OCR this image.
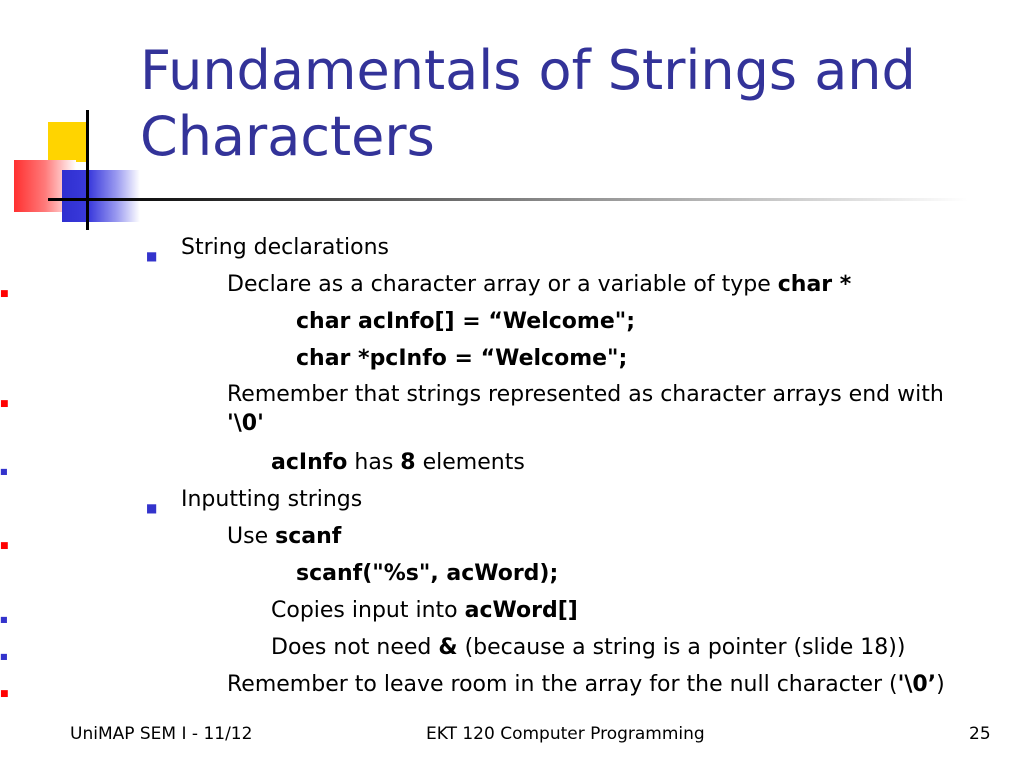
Fundamentals of Strings and
Characters
■ String declarations
■	Declare as a character array or a variable of type char *
char acInfo[] = “Welcome";
char *pcInfo = “Welcome";
■	Remember that strings represented as character arrays end with
'\0'
■	acInfo has 8 elements
■ Inputting strings
■	Use scanf
scanf("%s", acWord);
■	Copies input into acWord[]
■	Does not need & (because a string is a pointer (slide 18))
■	Remember to leave room in the array for the null character ('\0’)
UniMAP SEM I - 11/12	EKT 120 Computer Programming	25
